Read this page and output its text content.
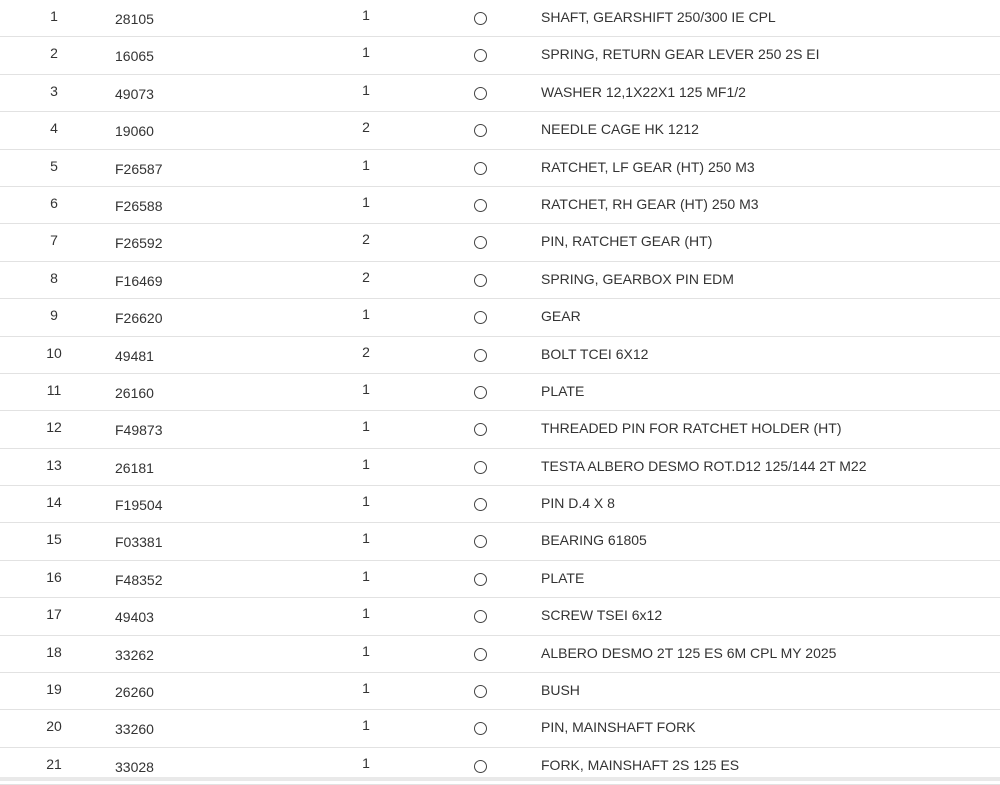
1	28105	1	SHAFT, GEARSHIFT 250/300 IE CPL
2	16065	1	SPRING, RETURN GEAR LEVER 250 2S EI
3	49073	1	WASHER 12,1X22X1 125 MF1/2
4	19060	2	NEEDLE CAGE HK 1212
5	F26587	1	RATCHET, LF GEAR (HT) 250 M3
6	F26588	1	RATCHET, RH GEAR (HT) 250 M3
7	F26592	2	PIN, RATCHET GEAR (HT)
8	F16469	2	SPRING, GEARBOX PIN EDM
9	F26620	1	GEAR
10	49481	2	BOLT TCEI 6X12
11	26160	1	PLATE
12	F49873	1	THREADED PIN FOR RATCHET HOLDER (HT)
13	26181	1	TESTA ALBERO DESMO ROT.D12 125/144 2T M22
14	F19504	1	PIN D.4 X 8
15	F03381	1	BEARING 61805
16	F48352	1	PLATE
17	49403	1	SCREW TSEI 6x12
18	33262	1	ALBERO DESMO 2T 125 ES 6M CPL MY 2025
19	26260	1	BUSH
20	33260	1	PIN, MAINSHAFT FORK
21	33028	1	FORK, MAINSHAFT 2S 125 ES
